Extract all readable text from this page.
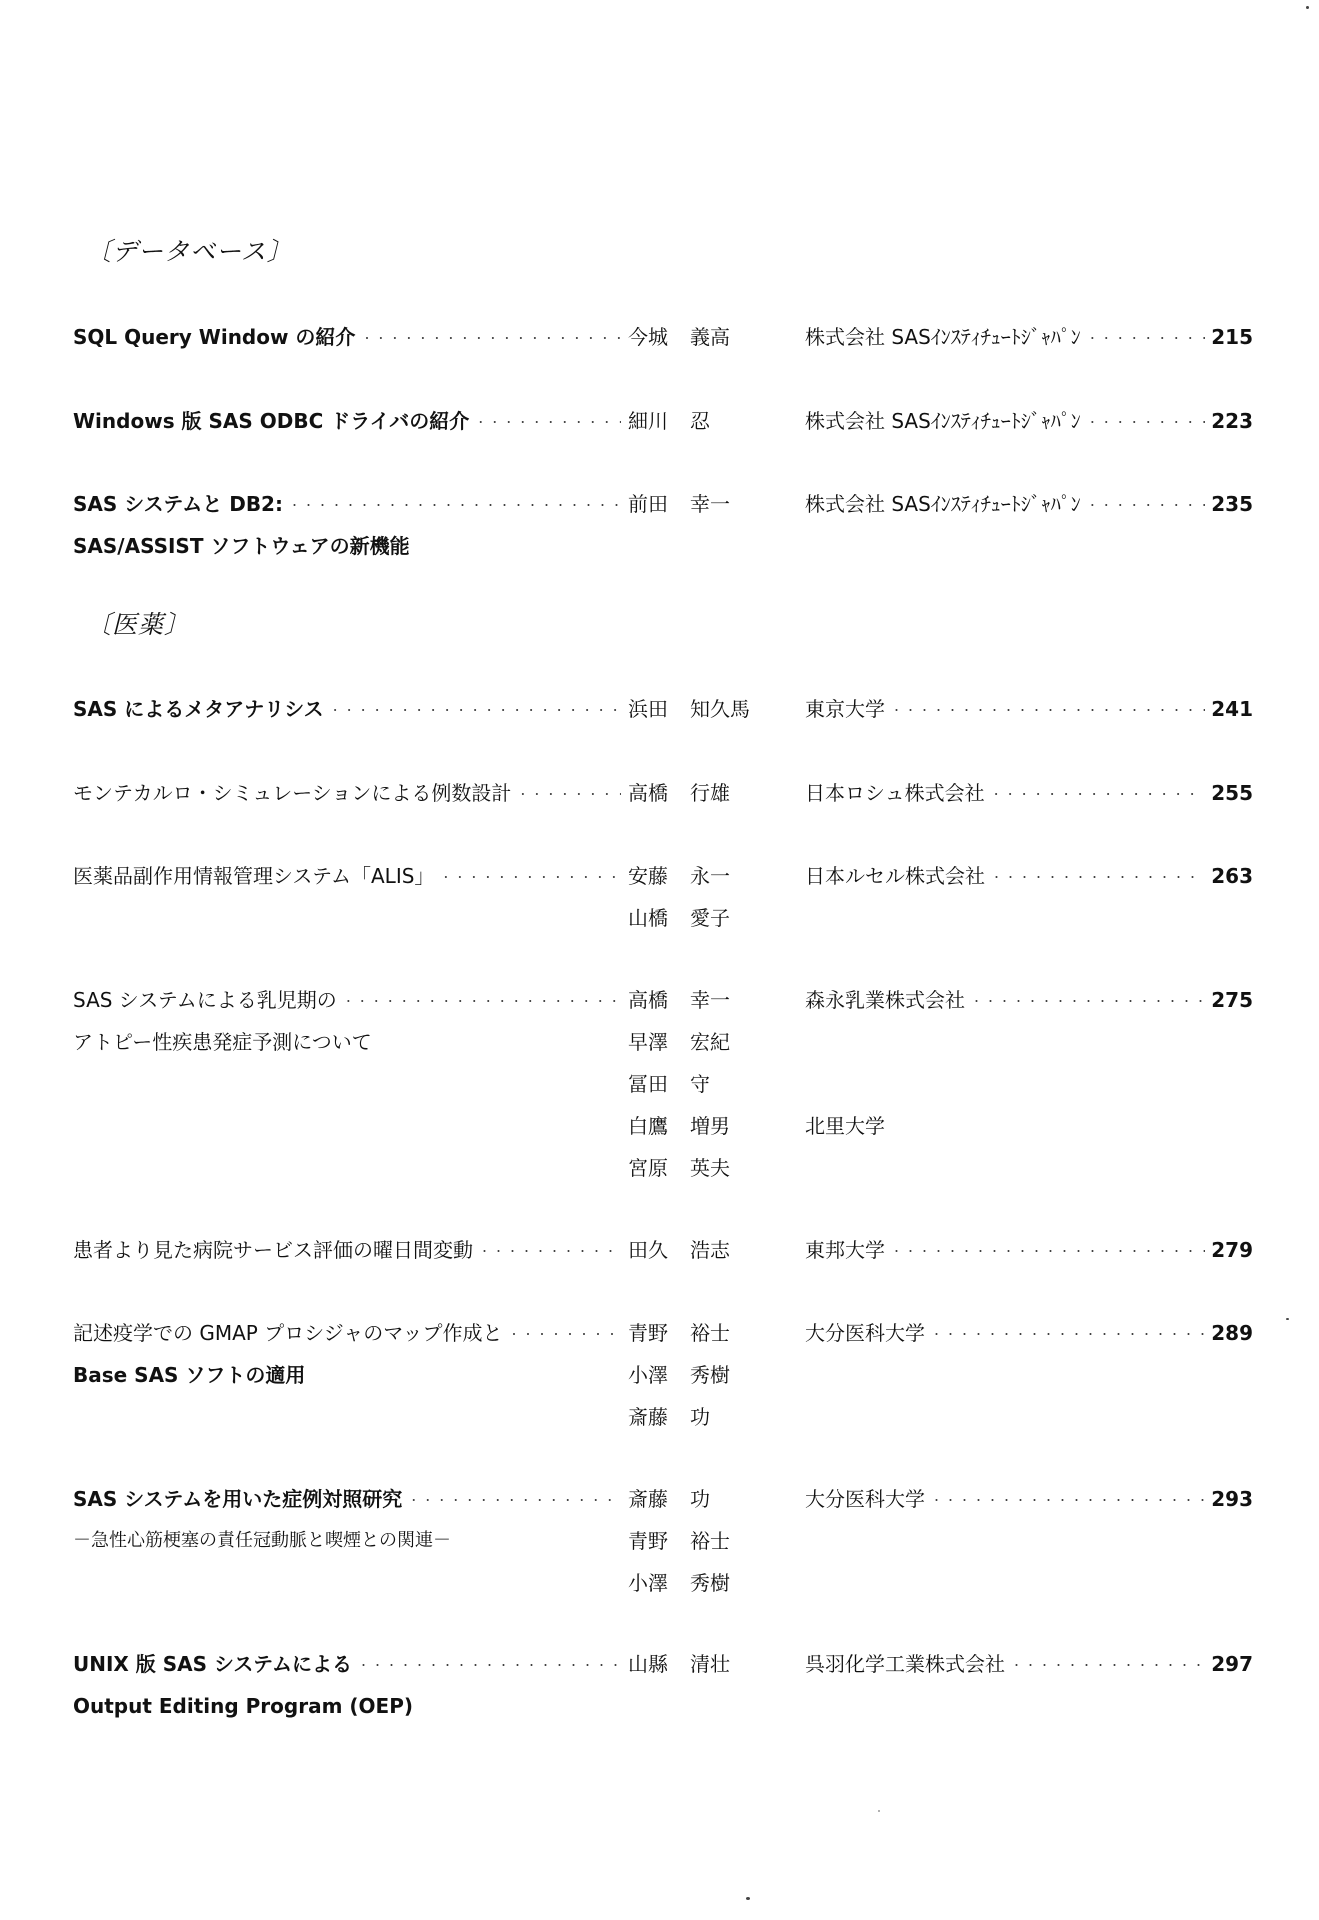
〔データベース〕
SQL Query Window の紹介 ・・・・・・・・・・・・・・・・・・・・・・・・・・・・・・・・・・・・・・・・・・・・・・・・・・・・・・・	今城 義高	株式会社 SASｲﾝｽﾃｨﾁｭｰﾄｼﾞｬﾊﾟﾝ ・・・・・・・・・・・・・・・・・・・・・・・・・・・・・・・・・・・・・・・・・・・・・・・・・・・・・・・	215
Windows 版 SAS ODBC ドライバの紹介 ・・・・・・・・・・・・・・・・・・・・・・・・・・・・・・・・・・・・・・・・・・・・・・・・・・・・・・・	細川 忍	株式会社 SASｲﾝｽﾃｨﾁｭｰﾄｼﾞｬﾊﾟﾝ ・・・・・・・・・・・・・・・・・・・・・・・・・・・・・・・・・・・・・・・・・・・・・・・・・・・・・・・	223
SAS システムと DB2: ・・・・・・・・・・・・・・・・・・・・・・・・・・・・・・・・・・・・・・・・・・・・・・・・・・・・・・・	前田 幸一	株式会社 SASｲﾝｽﾃｨﾁｭｰﾄｼﾞｬﾊﾟﾝ ・・・・・・・・・・・・・・・・・・・・・・・・・・・・・・・・・・・・・・・・・・・・・・・・・・・・・・・	235
SAS/ASSIST ソフトウェアの新機能
〔医薬〕
SAS によるメタアナリシス ・・・・・・・・・・・・・・・・・・・・・・・・・・・・・・・・・・・・・・・・・・・・・・・・・・・・・・・	浜田 知久馬	東京大学 ・・・・・・・・・・・・・・・・・・・・・・・・・・・・・・・・・・・・・・・・・・・・・・・・・・・・・・・	241
モンテカルロ・シミュレーションによる例数設計 ・・・・・・・・・・・・・・・・・・・・・・・・・・・・・・・・・・・・・・・・・・・・・・・・・・・・・・・	高橋 行雄	日本ロシュ株式会社 ・・・・・・・・・・・・・・・・・・・・・・・・・・・・・・・・・・・・・・・・・・・・・・・・・・・・・・・	255
医薬品副作用情報管理システム「ALIS」 ・・・・・・・・・・・・・・・・・・・・・・・・・・・・・・・・・・・・・・・・・・・・・・・・・・・・・・・	安藤 永一	日本ルセル株式会社 ・・・・・・・・・・・・・・・・・・・・・・・・・・・・・・・・・・・・・・・・・・・・・・・・・・・・・・・	263
山橋 愛子
SAS システムによる乳児期の ・・・・・・・・・・・・・・・・・・・・・・・・・・・・・・・・・・・・・・・・・・・・・・・・・・・・・・・	高橋 幸一	森永乳業株式会社 ・・・・・・・・・・・・・・・・・・・・・・・・・・・・・・・・・・・・・・・・・・・・・・・・・・・・・・・	275
アトピー性疾患発症予測について	早澤 宏紀
冨田 守
白鷹 増男	北里大学
宮原 英夫
患者より見た病院サービス評価の曜日間変動 ・・・・・・・・・・・・・・・・・・・・・・・・・・・・・・・・・・・・・・・・・・・・・・・・・・・・・・・	田久 浩志	東邦大学 ・・・・・・・・・・・・・・・・・・・・・・・・・・・・・・・・・・・・・・・・・・・・・・・・・・・・・・・	279
記述疫学での GMAP プロシジャのマップ作成と ・・・・・・・・・・・・・・・・・・・・・・・・・・・・・・・・・・・・・・・・・・・・・・・・・・・・・・・	青野 裕士	大分医科大学 ・・・・・・・・・・・・・・・・・・・・・・・・・・・・・・・・・・・・・・・・・・・・・・・・・・・・・・・	289
Base SAS ソフトの適用	小澤 秀樹
斎藤 功
SAS システムを用いた症例対照研究 ・・・・・・・・・・・・・・・・・・・・・・・・・・・・・・・・・・・・・・・・・・・・・・・・・・・・・・・	斎藤 功	大分医科大学 ・・・・・・・・・・・・・・・・・・・・・・・・・・・・・・・・・・・・・・・・・・・・・・・・・・・・・・・	293
－急性心筋梗塞の責任冠動脈と喫煙との関連－	青野 裕士
小澤 秀樹
UNIX 版 SAS システムによる ・・・・・・・・・・・・・・・・・・・・・・・・・・・・・・・・・・・・・・・・・・・・・・・・・・・・・・・	山縣 清壮	呉羽化学工業株式会社 ・・・・・・・・・・・・・・・・・・・・・・・・・・・・・・・・・・・・・・・・・・・・・・・・・・・・・・・	297
Output Editing Program (OEP)
